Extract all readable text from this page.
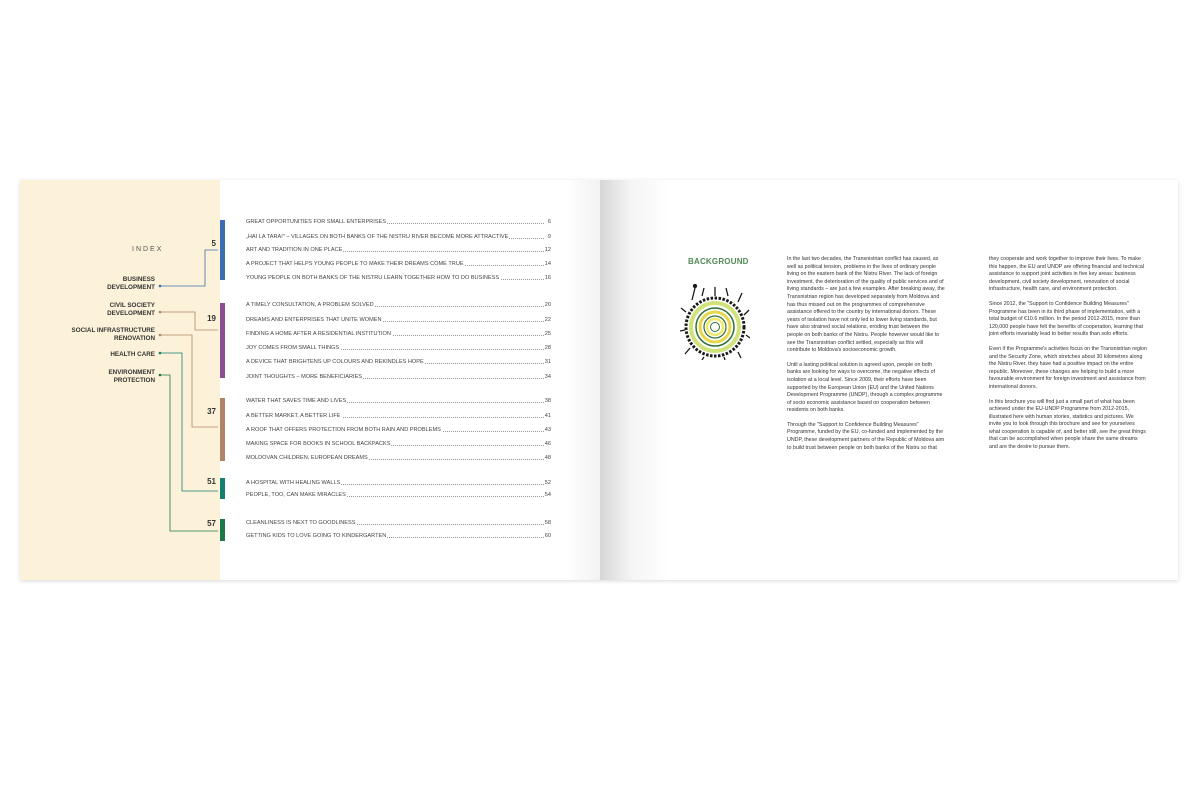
INDEX
BUSINESS
DEVELOPMENT
CIVIL SOCIETY
DEVELOPMENT
SOCIAL INFRASTRUCTURE
RENOVATION
HEALTH CARE
ENVIRONMENT
PROTECTION
5
19
37
51
57
GREAT OPPORTUNITIES FOR SMALL ENTERPRISES	6
„HAI LA TARA!" – VILLAGES ON BOTH BANKS OF THE NISTRU RIVER BECOME MORE ATTRACTIVE	9
ART AND TRADITION IN ONE PLACE	12
A PROJECT THAT HELPS YOUNG PEOPLE TO MAKE THEIR DREAMS COME TRUE	14
YOUNG PEOPLE ON BOTH BANKS OF THE NISTRU LEARN TOGETHER HOW TO DO BUSINESS	16
A TIMELY CONSULTATION, A PROBLEM SOLVED	20
DREAMS AND ENTERPRISES THAT UNITE WOMEN	22
FINDING A HOME AFTER A RESIDENTIAL INSTITUTION	25
JOY COMES FROM SMALL THINGS	28
A DEVICE THAT BRIGHTENS UP COLOURS AND REKINDLES HOPE	31
JOINT THOUGHTS – MORE BENEFICIARIES	34
WATER THAT SAVES TIME AND LIVES	38
A BETTER MARKET, A BETTER LIFE	41
A ROOF THAT OFFERS PROTECTION FROM BOTH RAIN AND PROBLEMS	43
MAKING SPACE FOR BOOKS IN SCHOOL BACKPACKS	46
MOLDOVAN CHILDREN, EUROPEAN DREAMS	48
A HOSPITAL WITH HEALING WALLS	52
PEOPLE, TOO, CAN MAKE MIRACLES	54
CLEANLINESS IS NEXT TO GOODLINESS	58
GETTING KIDS TO LOVE GOING TO KINDERGARTEN	60
BACKGROUND	In the last two decades, the Transnistrian conflict has caused, as well as political tension, problems in the lives of ordinary people living on the eastern bank of the Nistru River. The lack of foreign investment, the deterioration of the quality of public services and of living standards – are just a few examples. After breaking away, the Transnistrian region has developed separately from Moldova and has thus missed out on the programmes of comprehensive assistance offered to the country by international donors. These years of isolation have not only led to lower living standards, but have also strained social relations, eroding trust between the people on both banks of the Nistru. People however would like to see the Transnistrian conflict settled, especially as this will contribute to Moldova's socioeconomic growth.

Until a lasting political solution is agreed upon, people on both banks are looking for ways to overcome, the negative effects of isolation at a local level. Since 2009, their efforts have been supported by the European Union (EU) and the United Nations Development Programme (UNDP), through a complex programme of socio economic assistance based on cooperation between residents on both banks.

Through the "Support to Confidence Building Measures" Programme, funded by the EU, co-funded and implemented by the UNDP, these development partners of the Republic of Moldova aim to build trust between people on both banks of the Nistru so that

they cooperate and work together to improve their lives. To make this happen, the EU and UNDP are offering financial and technical assistance to support joint activities in five key areas: business development, civil society development, renovation of social infrastructure, health care, and environment protection.

Since 2012, the "Support to Confidence Building Measures" Programme has been in its third phase of implementation, with a total budget of €10.6 million. In the period 2012-2015, more than 120,000 people have felt the benefits of cooperation, learning that joint efforts invariably lead to better results than solo efforts.

Even if the Programme's activities focus on the Transnistrian region and the Security Zone, which stretches about 30 kilometres along the Nistru River, they have had a positive impact on the entire republic. Moreover, these changes are helping to build a more favourable environment for foreign investment and assistance from international donors.

In this brochure you will find just a small part of what has been achieved under the EU-UNDP Programme from 2012-2015, illustrated here with human stories, statistics and pictures. We invite you to look through this brochure and see for yourselves what cooperation is capable of, and better still, see the great things that can be accomplished when people share the same dreams and are the desire to pursue them.
